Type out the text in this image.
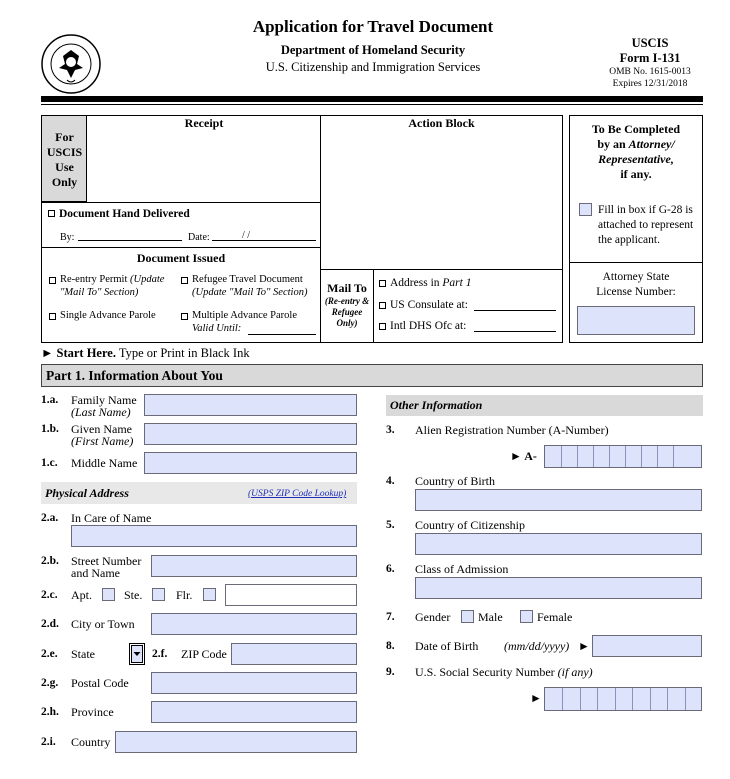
Application for Travel Document
Department of Homeland Security
U.S. Citizenship and Immigration Services
USCIS
Form I-131
OMB No. 1615-0013
Expires 12/31/2018
For
USCIS
Use
Only
Receipt	Action Block
Document Hand Delivered
By:	Date:	/ /
Document Issued
Re-entry Permit (Update
"Mail To" Section)
Refugee Travel Document
(Update "Mail To" Section)
Single Advance Parole	Multiple Advance Parole
Valid Until:
Mail To
(Re-entry &
Refugee
Only)
Address in Part 1
US Consulate at:
Intl DHS Ofc at:
To Be Completed
by an Attorney/
Representative,
if any.
Fill in box if G-28 is
attached to represent
the applicant.
Attorney State
License Number:
► Start Here. Type or Print in Black Ink
Part 1. Information About You
1.a. Family Name
(Last Name)
1.b. Given Name
(First Name)
1.c. Middle Name
Physical Address	(USPS ZIP Code Lookup)
2.a. In Care of Name
2.b. Street Number
and Name
2.c. Apt.	Ste.	Flr.
2.d. City or Town
2.e. State	2.f. ZIP Code
2.g. Postal Code
2.h. Province
2.i. Country
Other Information
3. Alien Registration Number (A-Number)
► A-
4. Country of Birth
5. Country of Citizenship
6. Class of Admission
7. Gender Male	Female
8. Date of Birth (mm/dd/yyyy) ►
9. U.S. Social Security Number (if any)
►
